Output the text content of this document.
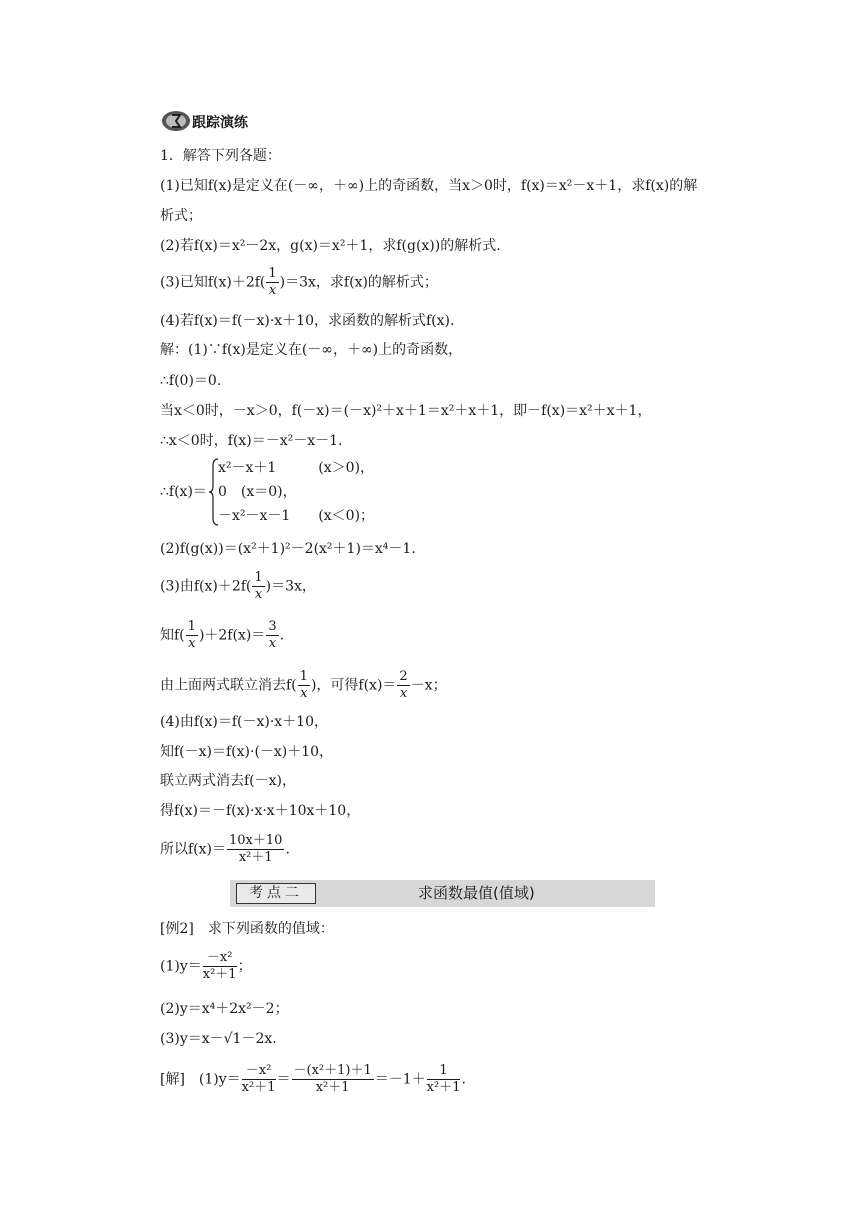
跟踪演练
1．解答下列各题：
(1)已知f(x)是定义在(－∞，＋∞)上的奇函数，当x＞0时，f(x)＝x²－x＋1，求f(x)的解
析式；
(2)若f(x)＝x²－2x，g(x)＝x²＋1，求f(g(x))的解析式.
(3)已知$f(x)+2f( \frac{1}{x} )=3x$，求f(x)的解析式；
(4)若f(x)＝f(－x)·x＋10，求函数的解析式f(x).
解：(1)∵f(x)是定义在(－∞，＋∞)上的奇函数，
∴f(0)＝0.
当x＜0时，－x＞0，f(－x)＝(－x)²＋x＋1＝x²＋x＋1，即－f(x)＝x²＋x＋1，
∴x＜0时，f(x)＝－x²－x－1.
∴f(x)＝
x²－x＋1　　　(x＞0)，
0　(x＝0)，
－x²－x－1　　(x＜0)；
(2)f(g(x))＝(x²＋1)²－2(x²＋1)＝x⁴－1.
(3)由$f(x)+2f( \frac{1}{x} )=3x$，
知$f( \frac{1}{x} )+2f(x)= \frac{3}{x}$ .
由上面两式联立消去$f( \frac{1}{x}$ )，可得$f(x)= \frac{2}{x} -x$；
(4)由f(x)＝f(－x)·x＋10，
知f(－x)＝f(x)·(－x)＋10，
联立两式消去f(－x)，
得f(x)＝－f(x)·x·x＋10x＋10，
所以$f(x)= \frac{10x+10}{\text{x²＋1}}$ .
考点二	求函数最值(值域)
[例2]　求下列函数的值域：
$(1)y= \frac{\text{－x²}}{\text{x²＋1}}$ ；
(2)y＝x⁴＋2x²－2；
(3)y＝x－√1－2x.
[解]　$(1)y= \frac{\text{－x²}}{\text{x²＋1}} = \frac{\text{－(x²＋1)＋1}}{\text{x²＋1}} =-1+ \frac{1}{\text{x²＋1}}$ .
